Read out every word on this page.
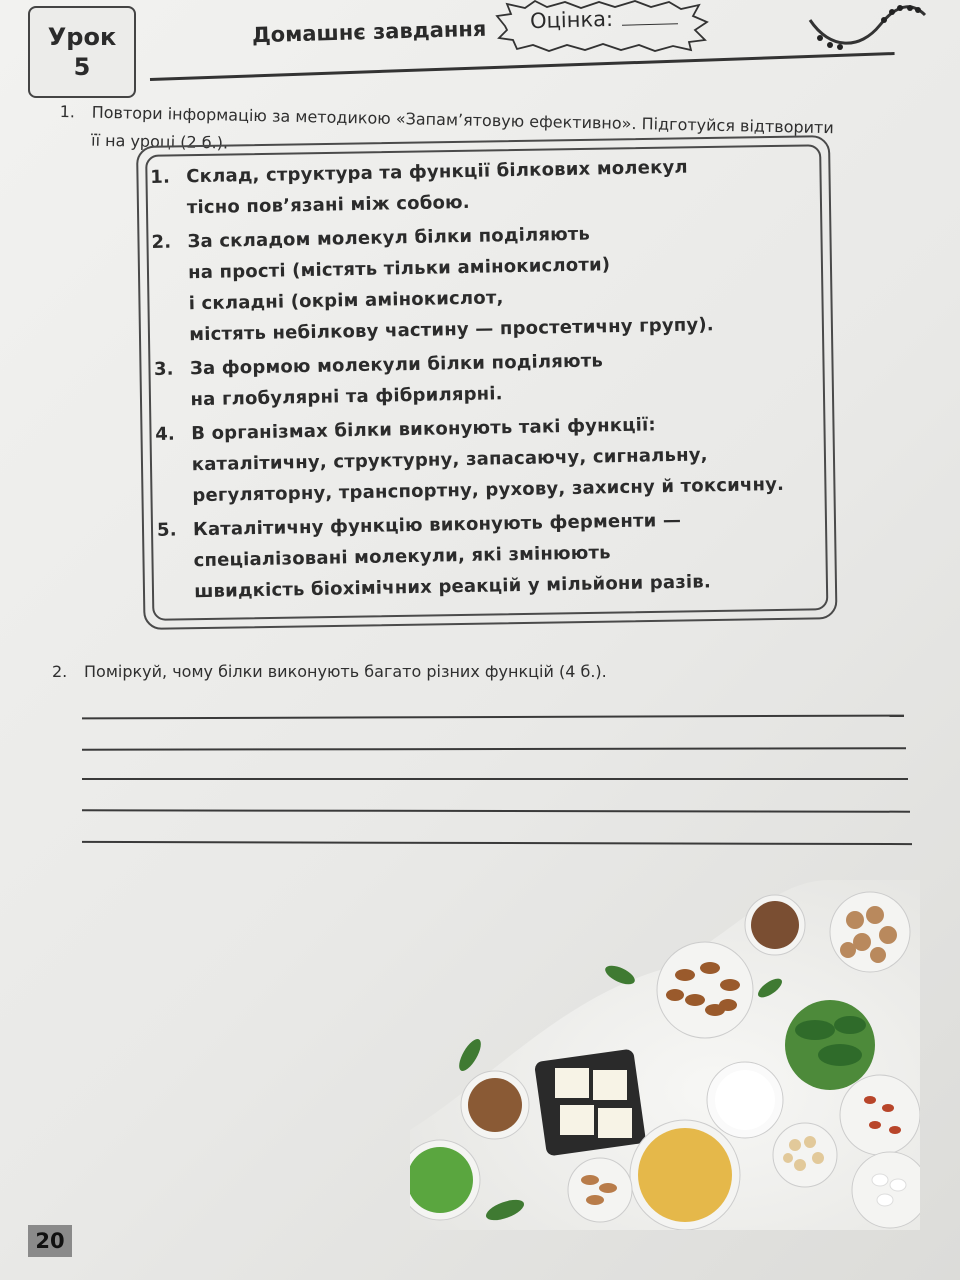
Урок
5
Домашнє завдання Оцінка:
1. Повтори інформацію за методикою «Запам’ятовую ефективно». Підготуйся відтворити
її на уроці (2 б.).
1. Склад, структура та функції білкових молекул
тісно пов’язані між собою.
2. За складом молекул білки поділяють
на прості (містять тільки амінокислоти)
і складні (окрім амінокислот,
містять небілкову частину — простетичну групу).
3. За формою молекули білки поділяють
на глобулярні та фібрилярні.
4. В організмах білки виконують такі функції:
каталітичну, структурну, запасаючу, сигнальну,
регуляторну, транспортну, рухову, захисну й токсичну.
5. Каталітичну функцію виконують ферменти —
спеціалізовані молекули, які змінюють
швидкість біохімічних реакцій у мільйони разів.
2. Поміркуй, чому білки виконують багато різних функцій (4 б.).
20
